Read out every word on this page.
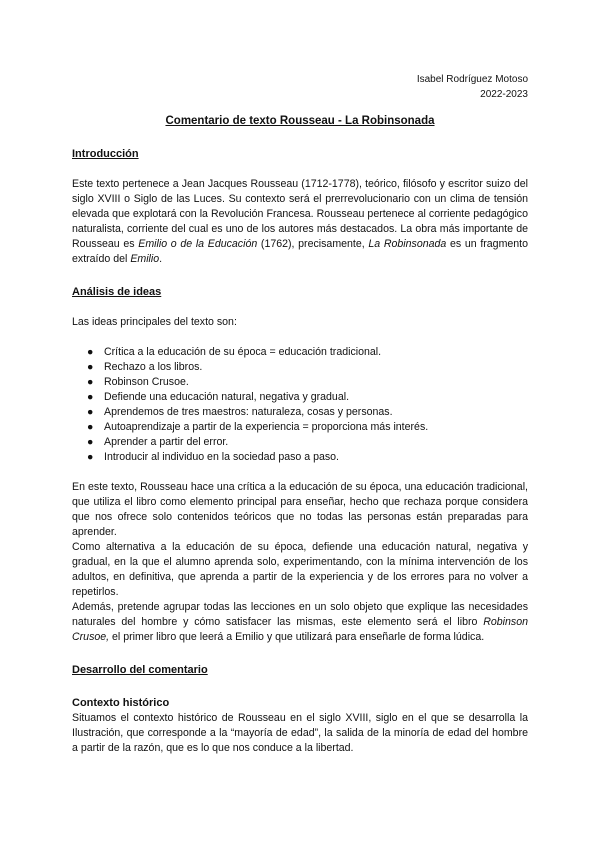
Isabel Rodríguez Motoso
2022-2023
Comentario de texto Rousseau - La Robinsonada
Introducción

Este texto pertenece a Jean Jacques Rousseau (1712-1778), teórico, filósofo y escritor suizo del siglo XVIII o Siglo de las Luces. Su contexto será el prerrevolucionario con un clima de tensión elevada que explotará con la Revolución Francesa. Rousseau pertenece al corriente pedagógico naturalista, corriente del cual es uno de los autores más destacados. La obra más importante de Rousseau es Emilio o de la Educación (1762), precisamente, La Robinsonada es un fragmento extraído del Emilio.

Análisis de ideas

Las ideas principales del texto son:

● Crítica a la educación de su época = educación tradicional.
● Rechazo a los libros.
● Robinson Crusoe.
● Defiende una educación natural, negativa y gradual.
● Aprendemos de tres maestros: naturaleza, cosas y personas.
● Autoaprendizaje a partir de la experiencia = proporciona más interés.
● Aprender a partir del error.
● Introducir al individuo en la sociedad paso a paso.

En este texto, Rousseau hace una crítica a la educación de su época, una educación tradicional, que utiliza el libro como elemento principal para enseñar, hecho que rechaza porque considera que nos ofrece solo contenidos teóricos que no todas las personas están preparadas para aprender.

Como alternativa a la educación de su época, defiende una educación natural, negativa y gradual, en la que el alumno aprenda solo, experimentando, con la mínima intervención de los adultos, en definitiva, que aprenda a partir de la experiencia y de los errores para no volver a repetirlos.

Además, pretende agrupar todas las lecciones en un solo objeto que explique las necesidades naturales del hombre y cómo satisfacer las mismas, este elemento será el libro Robinson Crusoe, el primer libro que leerá a Emilio y que utilizará para enseñarle de forma lúdica.

Desarrollo del comentario
Contexto histórico

Situamos el contexto histórico de Rousseau en el siglo XVIII, siglo en el que se desarrolla la Ilustración, que corresponde a la “mayoría de edad”, la salida de la minoría de edad del hombre a partir de la razón, que es lo que nos conduce a la libertad.
